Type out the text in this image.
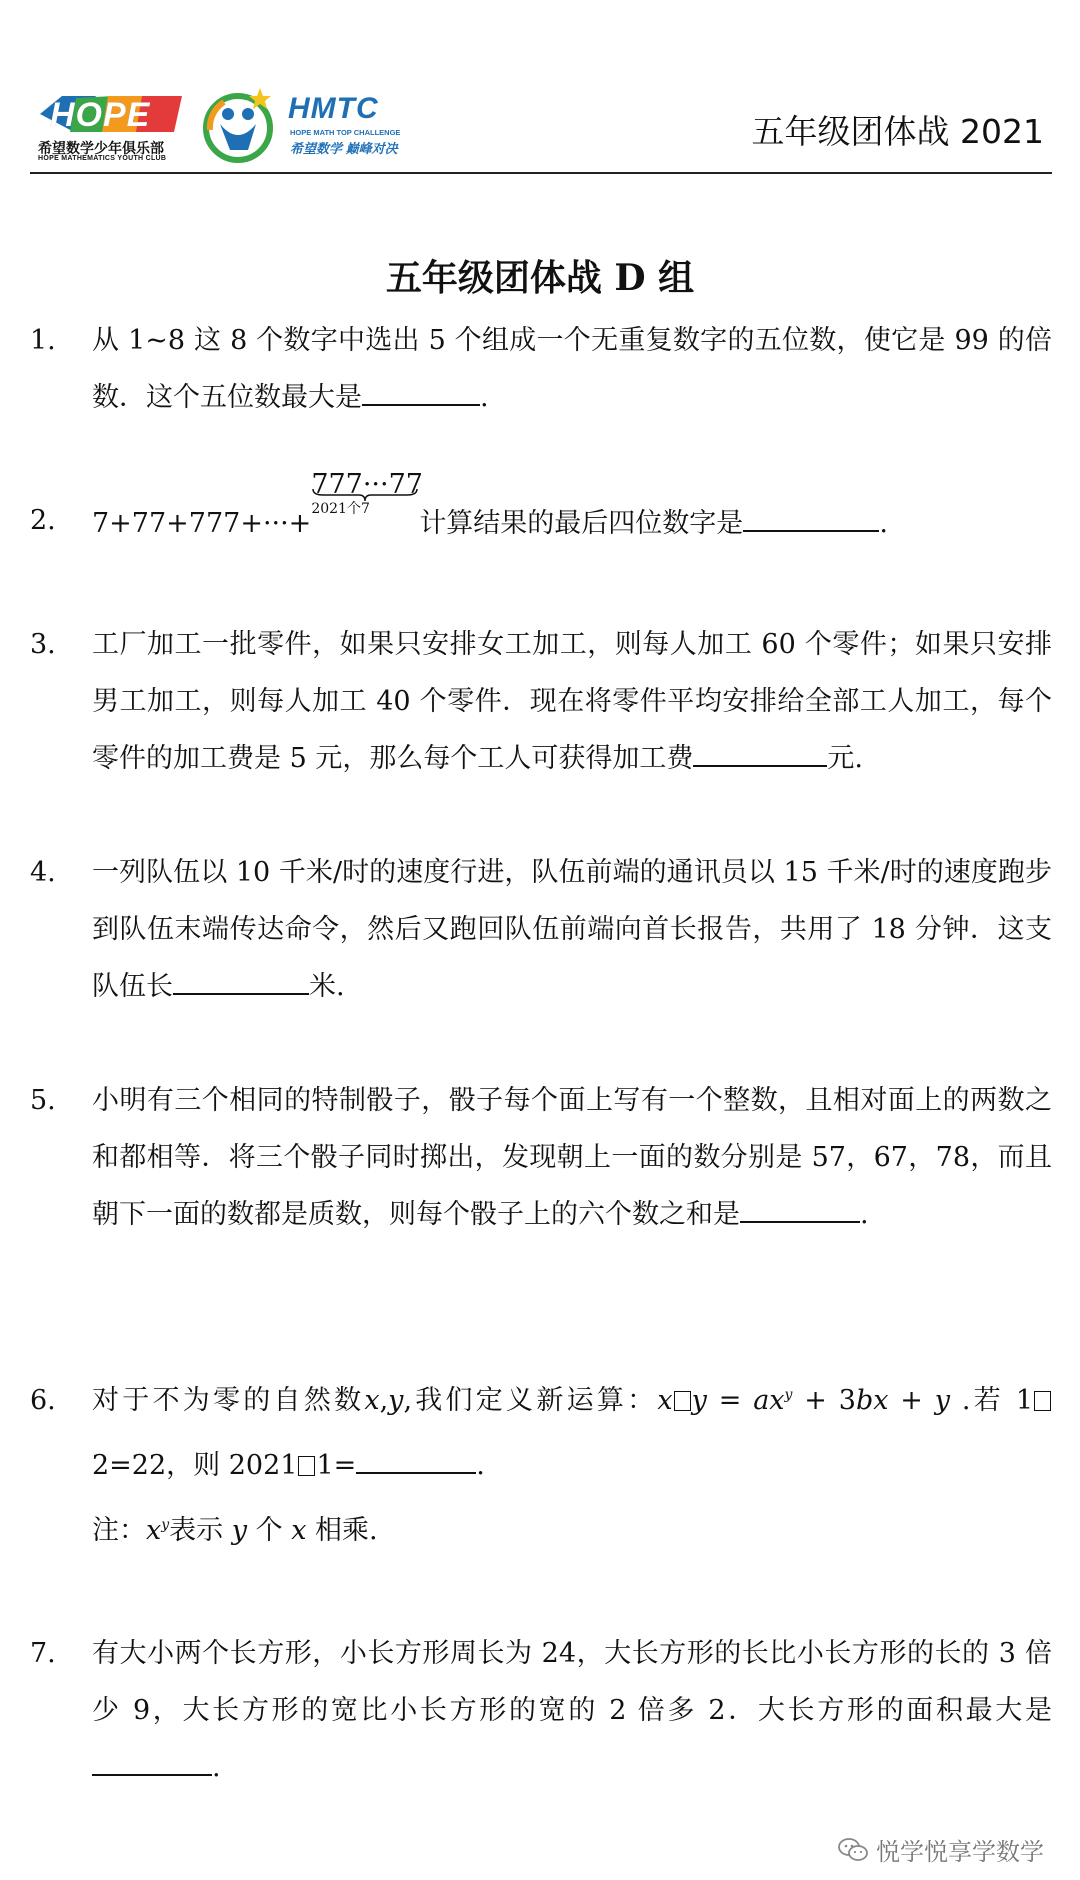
​
HOPE
希望数学少年俱乐部
HOPE MATHEMATICS YOUTH CLUB
HMTC
HOPE MATH TOP CHALLENGE
希望数学 巅峰对决	五年级团体战 2021
五年级团体战 D 组
1.	从 1~8 这 8 个数字中选出 5 个组成一个无重复数字的五位数，使它是 99 的倍数．这个五位数最大是	.
2.	7+77+777+···+
777···77
2021个7	计算结果的最后四位数字是	.
3.	工厂加工一批零件，如果只安排女工加工，则每人加工 60 个零件；如果只安排男工加工，则每人加工 40 个零件．现在将零件平均安排给全部工人加工，每个零件的加工费是 5 元，那么每个工人可获得加工费	元.
4.	一列队伍以 10 千米/时的速度行进，队伍前端的通讯员以 15 千米/时的速度跑步到队伍末端传达命令，然后又跑回队伍前端向首长报告，共用了 18 分钟．这支队伍长	米.
5.	小明有三个相同的特制骰子，骰子每个面上写有一个整数，且相对面上的两数之和都相等．将三个骰子同时掷出，发现朝上一面的数分别是 57，67，78，而且朝下一面的数都是质数，则每个骰子上的六个数之和是	.
6.	对于不为零的自然数x,y,我们定义新运算：x $y = ax^y + 3bx + y$ .若 12=22，则 2021 1=	.
注：$x^y$表示 y 个 x 相乘.
7.	有大小两个长方形，小长方形周长为 24，大长方形的长比小长方形的长的 3 倍少 9，大长方形的宽比小长方形的宽的 2 倍多 2．大长方形的面积最大是.
悦学悦享学数学
